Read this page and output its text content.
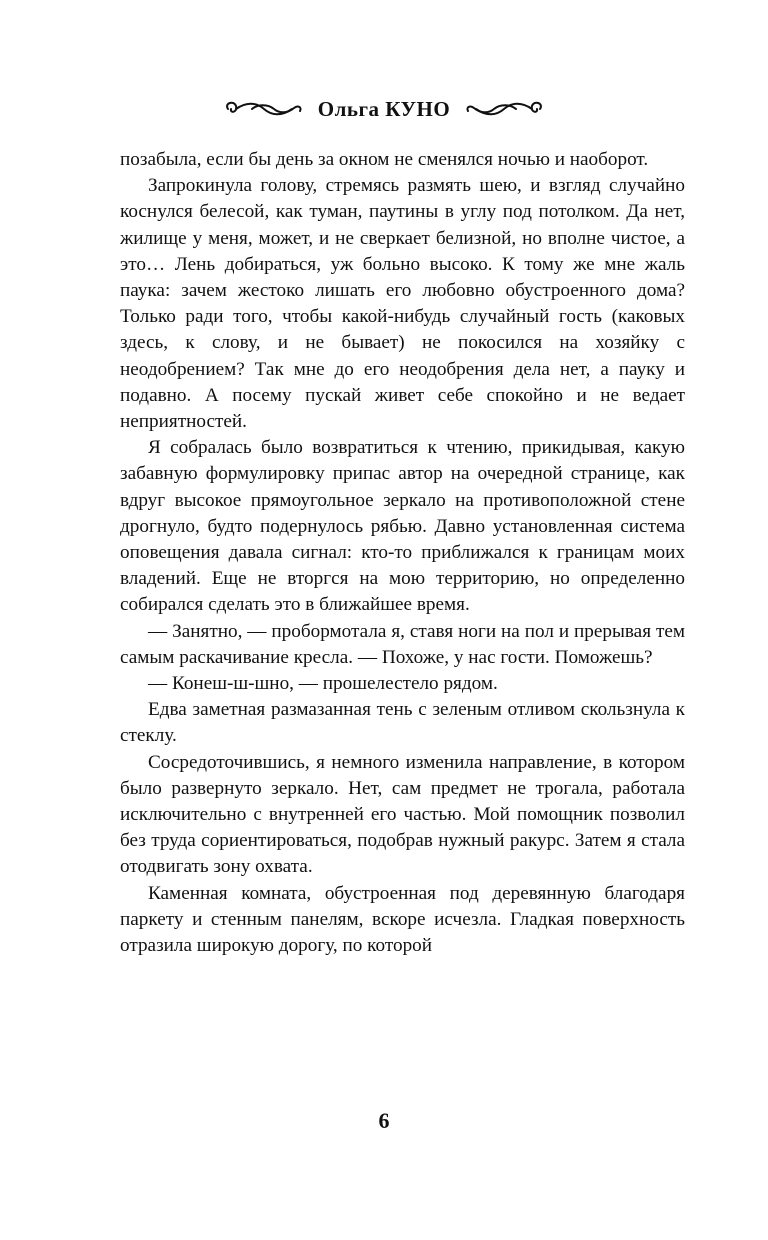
Ольга КУНО

позабыла, если бы день за окном не сменялся ночью и наоборот.

Запрокинула голову, стремясь размять шею, и взгляд случайно коснулся белесой, как туман, паутины в углу под потолком. Да нет, жилище у меня, может, и не сверкает белизной, но вполне чистое, а это… Лень добираться, уж больно высоко. К тому же мне жаль паука: зачем жестоко лишать его любовно обустроенного дома? Только ради того, чтобы какой-нибудь случайный гость (каковых здесь, к слову, и не бывает) не покосился на хозяйку с неодобрением? Так мне до его неодобрения дела нет, а пауку и подавно. А посему пускай живет себе спокойно и не ведает неприятностей.

Я собралась было возвратиться к чтению, прикидывая, какую забавную формулировку припас автор на очередной странице, как вдруг высокое прямоугольное зеркало на противоположной стене дрогнуло, будто подернулось рябью. Давно установленная система оповещения давала сигнал: кто-то приближался к границам моих владений. Еще не вторгся на мою территорию, но определенно собирался сделать это в ближайшее время.

— Занятно, — пробормотала я, ставя ноги на пол и прерывая тем самым раскачивание кресла. — Похоже, у нас гости. Поможешь?

— Конеш-ш-шно, — прошелестело рядом.

Едва заметная размазанная тень с зеленым отливом скользнула к стеклу.

Сосредоточившись, я немного изменила направление, в котором было развернуто зеркало. Нет, сам предмет не трогала, работала исключительно с внутренней его частью. Мой помощник позволил без труда сориентироваться, подобрав нужный ракурс. Затем я стала отодвигать зону охвата.

Каменная комната, обустроенная под деревянную благодаря паркету и стенным панелям, вскоре исчезла. Гладкая поверхность отразила широкую дорогу, по которой

6
